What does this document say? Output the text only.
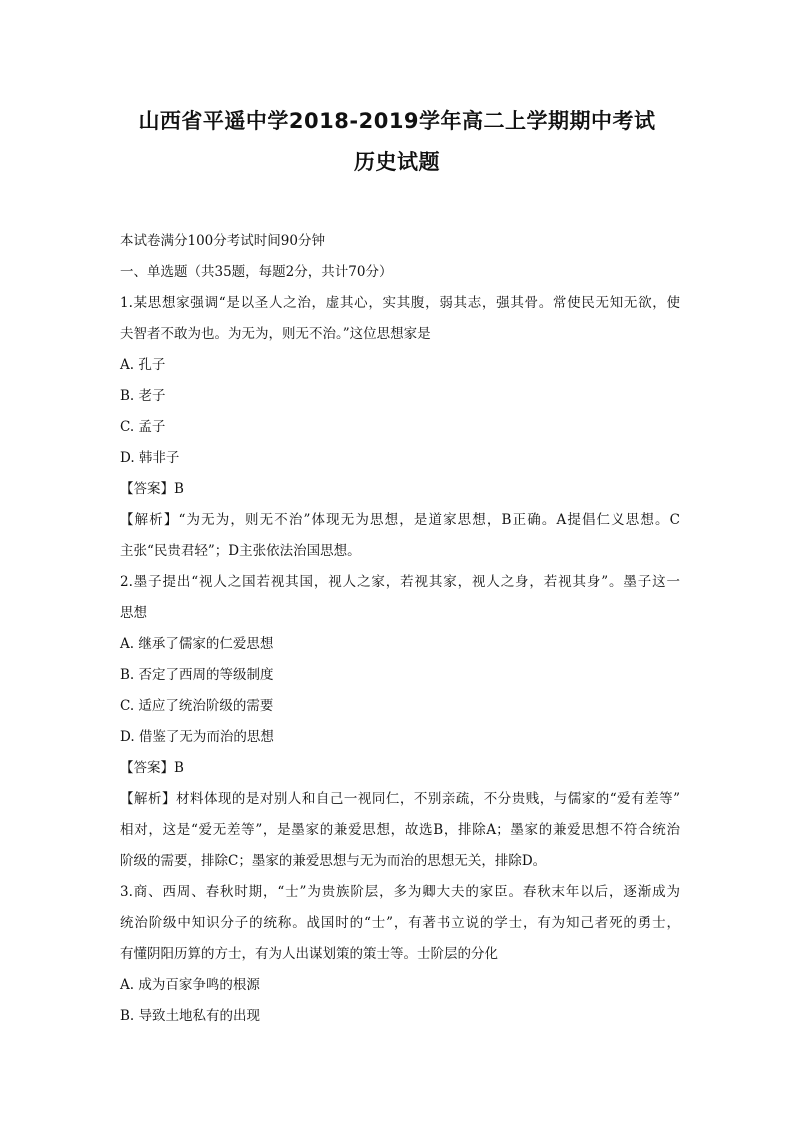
山西省平遥中学2018-2019学年高二上学期期中考试
历史试题
本试卷满分100分考试时间90分钟
一、单选题（共35题，每题2分，共计70分）
1.某思想家强调“是以圣人之治，虚其心，实其腹，弱其志，强其骨。常使民无知无欲，使
夫智者不敢为也。为无为，则无不治。”这位思想家是
A. 孔子
B. 老子
C. 孟子
D. 韩非子
【答案】B
【解析】“为无为，则无不治”体现无为思想，是道家思想，B正确。A提倡仁义思想。C
主张“民贵君轻”；D主张依法治国思想。
2.墨子提出“视人之国若视其国，视人之家，若视其家，视人之身，若视其身”。墨子这一
思想
A. 继承了儒家的仁爱思想
B. 否定了西周的等级制度
C. 适应了统治阶级的需要
D. 借鉴了无为而治的思想
【答案】B
【解析】材料体现的是对别人和自己一视同仁，不别亲疏，不分贵贱，与儒家的“爱有差等”
相对，这是“爱无差等”，是墨家的兼爱思想，故选B，排除A；墨家的兼爱思想不符合统治
阶级的需要，排除C；墨家的兼爱思想与无为而治的思想无关，排除D。
3.商、西周、春秋时期，“士”为贵族阶层，多为卿大夫的家臣。春秋末年以后，逐渐成为
统治阶级中知识分子的统称。战国时的“士”，有著书立说的学士，有为知己者死的勇士，
有懂阴阳历算的方士，有为人出谋划策的策士等。士阶层的分化
A. 成为百家争鸣的根源
B. 导致土地私有的出现
